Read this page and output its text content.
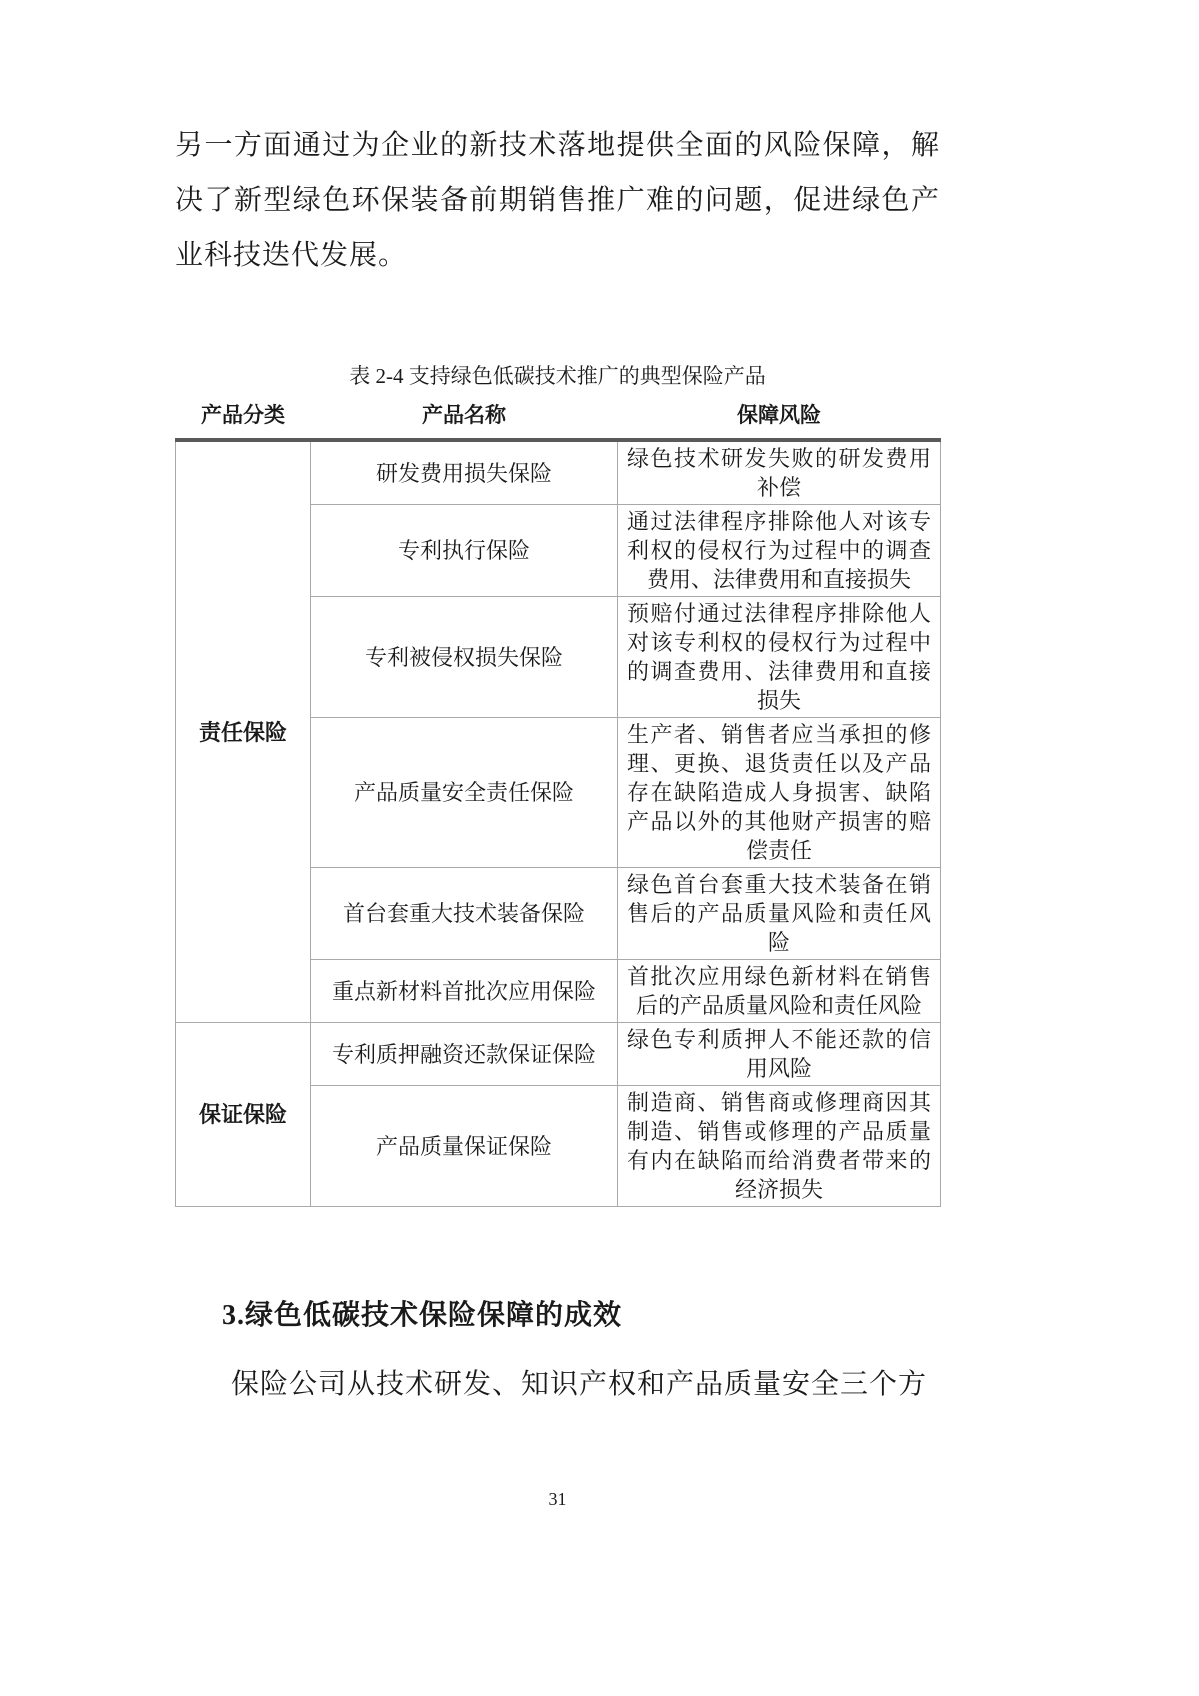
另一方面通过为企业的新技术落地提供全面的风险保障，解决了新型绿色环保装备前期销售推广难的问题，促进绿色产业科技迭代发展。

表 2-4 支持绿色低碳技术推广的典型保险产品
产品分类	产品名称	保障风险
责任保险	研发费用损失保险	绿色技术研发失败的研发费用补偿
	专利执行保险	通过法律程序排除他人对该专利权的侵权行为过程中的调查费用、法律费用和直接损失
	专利被侵权损失保险	预赔付通过法律程序排除他人对该专利权的侵权行为过程中的调查费用、法律费用和直接损失
	产品质量安全责任保险	生产者、销售者应当承担的修理、更换、退货责任以及产品存在缺陷造成人身损害、缺陷产品以外的其他财产损害的赔偿责任
	首台套重大技术装备保险	绿色首台套重大技术装备在销售后的产品质量风险和责任风险
	重点新材料首批次应用保险	首批次应用绿色新材料在销售后的产品质量风险和责任风险
保证保险	专利质押融资还款保证保险	绿色专利质押人不能还款的信用风险
	产品质量保证保险	制造商、销售商或修理商因其制造、销售或修理的产品质量有内在缺陷而给消费者带来的经济损失
3.绿色低碳技术保险保障的成效

保险公司从技术研发、知识产权和产品质量安全三个方

31
